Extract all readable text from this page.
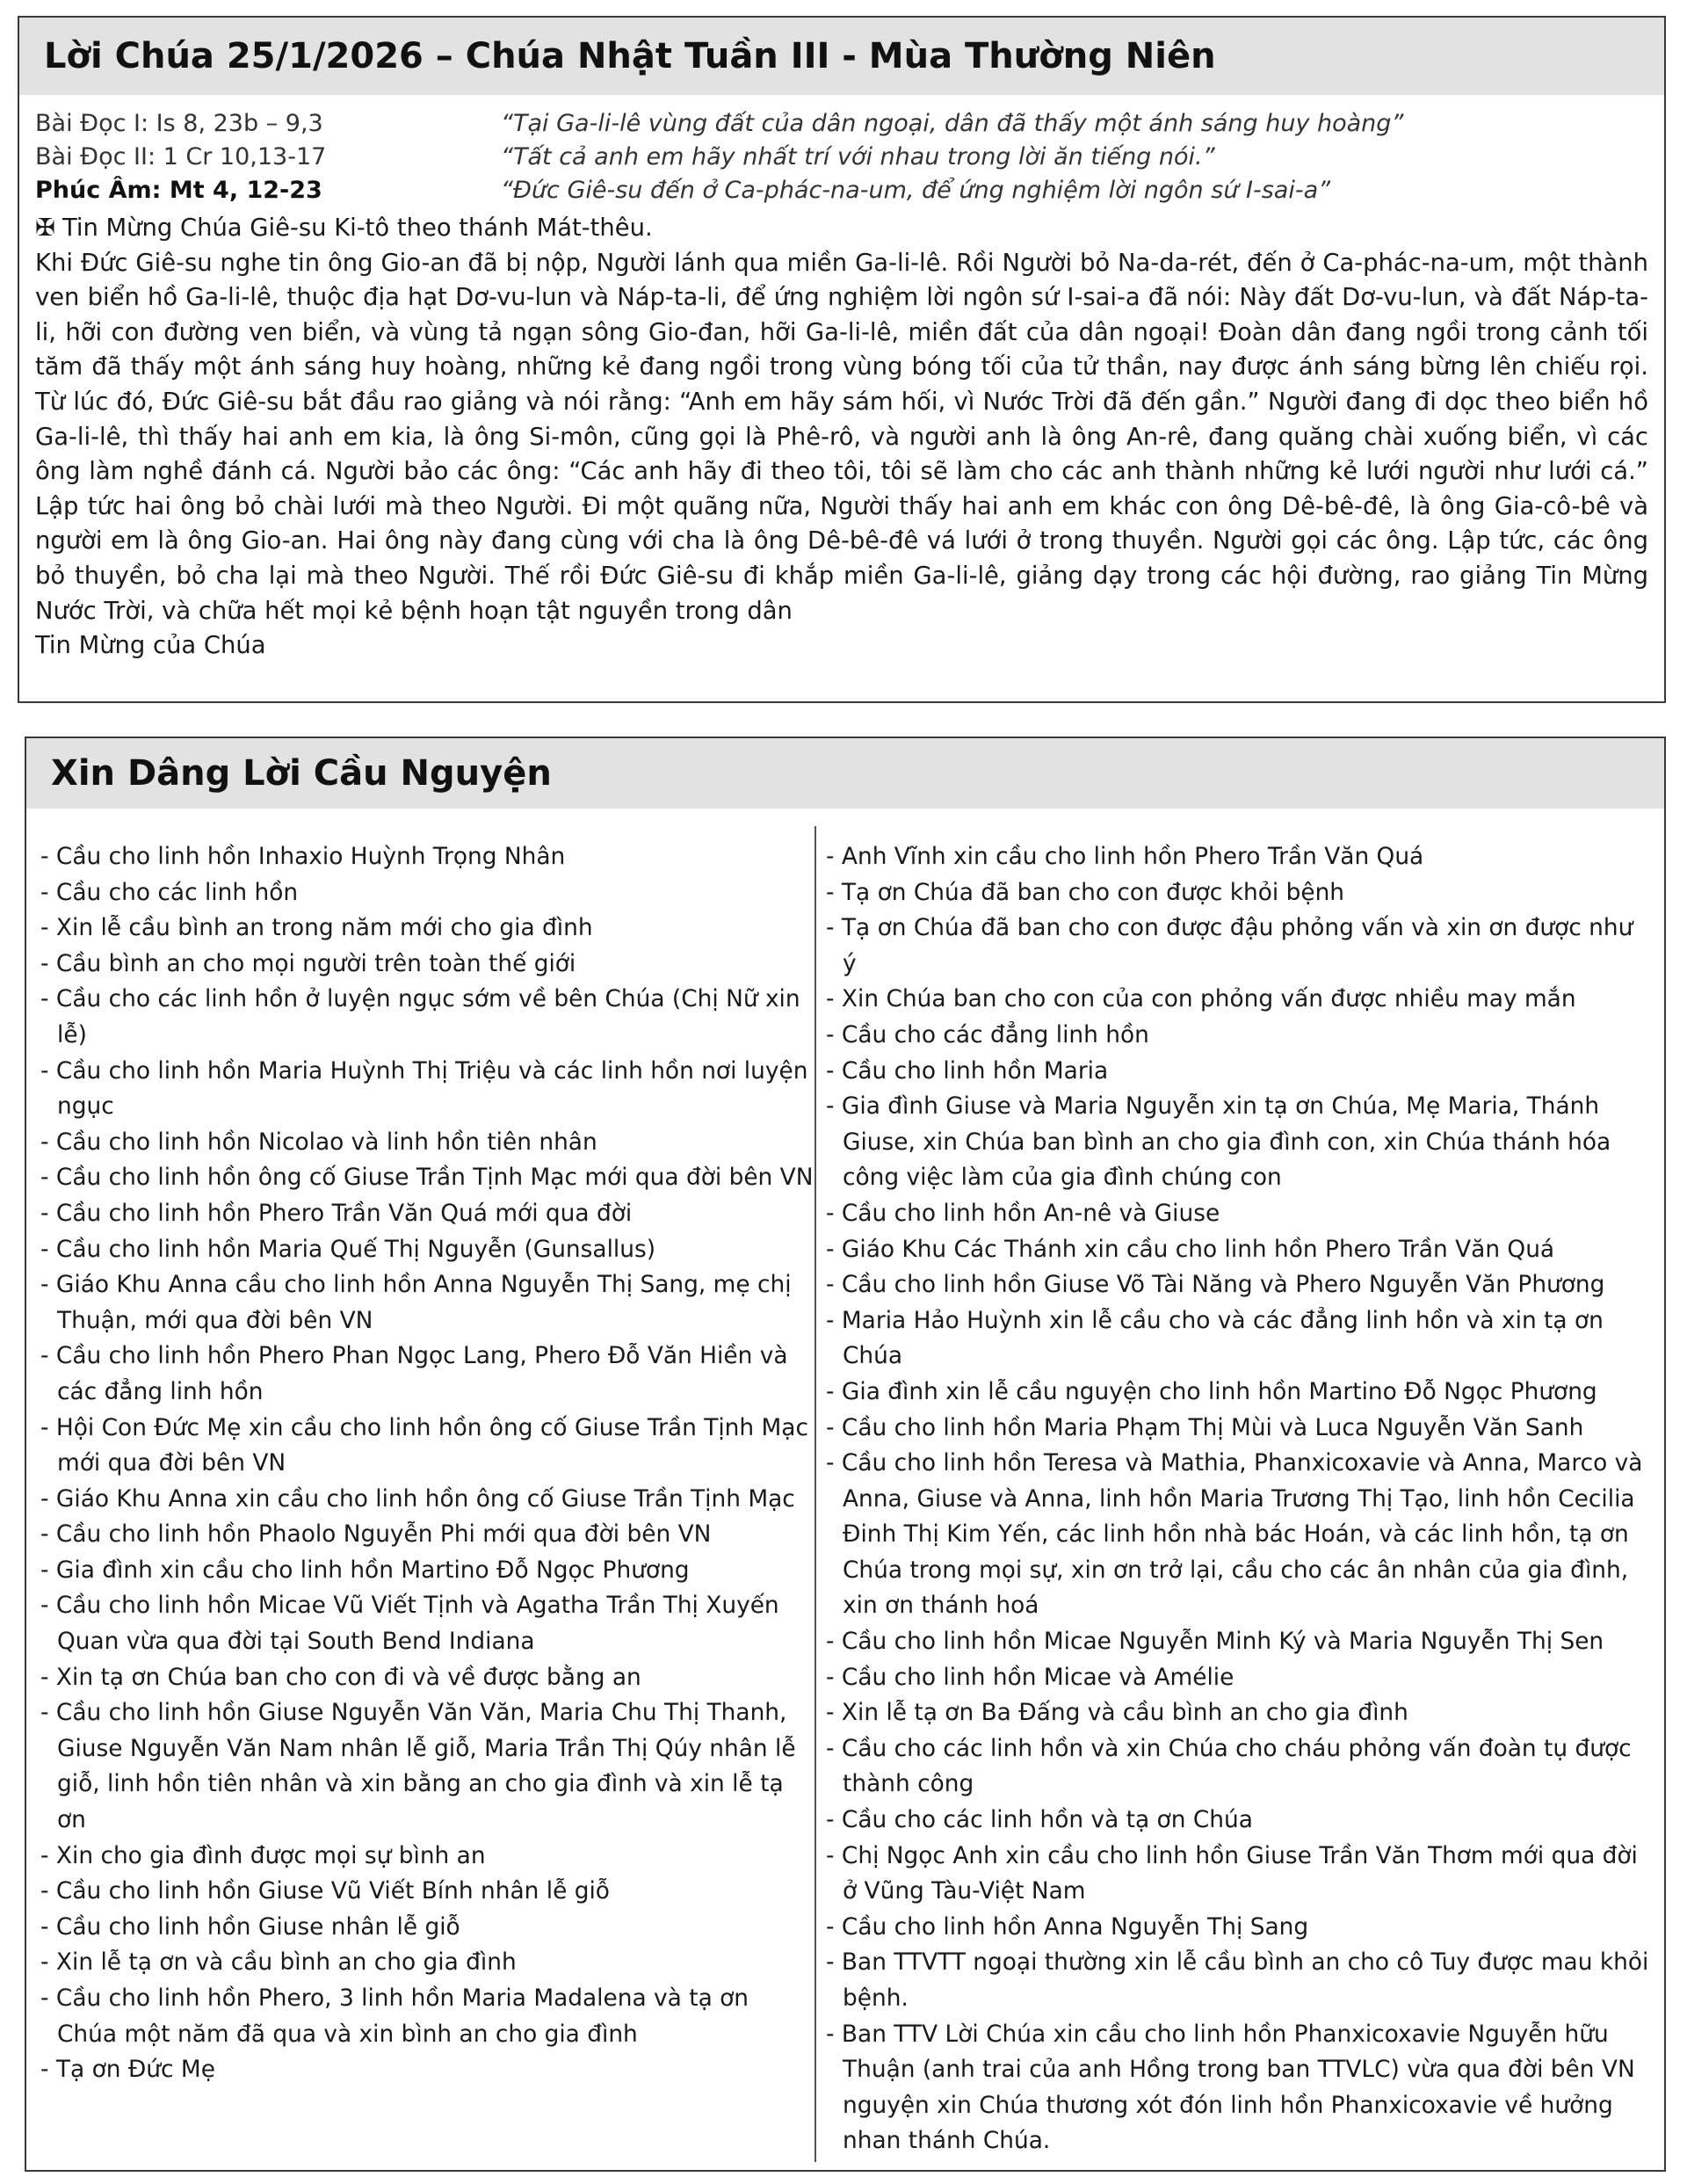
Lời Chúa 25/1/2026 – Chúa Nhật Tuần III - Mùa Thường Niên
Bài Đọc I: Is 8, 23b – 9,3	“Tại Ga-li-lê vùng đất của dân ngoại, dân đã thấy một ánh sáng huy hoàng”
Bài Đọc II: 1 Cr 10,13-17	“Tất cả anh em hãy nhất trí với nhau trong lời ăn tiếng nói.”
Phúc Âm: Mt 4, 12-23	“Đức Giê-su đến ở Ca-phác-na-um, để ứng nghiệm lời ngôn sứ I-sai-a”

✠ Tin Mừng Chúa Giê-su Ki-tô theo thánh Mát-thêu.

Khi Đức Giê-su nghe tin ông Gio-an đã bị nộp, Người lánh qua miền Ga-li-lê. Rồi Người bỏ Na-da-rét, đến ở Ca-phác-na-um, một thành ven biển hồ Ga-li-lê, thuộc địa hạt Dơ-vu-lun và Náp-ta-li, để ứng nghiệm lời ngôn sứ I-sai-a đã nói: Này đất Dơ-vu-lun, và đất Náp-ta-li, hỡi con đường ven biển, và vùng tả ngạn sông Gio-đan, hỡi Ga-li-lê, miền đất của dân ngoại! Đoàn dân đang ngồi trong cảnh tối tăm đã thấy một ánh sáng huy hoàng, những kẻ đang ngồi trong vùng bóng tối của tử thần, nay được ánh sáng bừng lên chiếu rọi. Từ lúc đó, Đức Giê-su bắt đầu rao giảng và nói rằng: “Anh em hãy sám hối, vì Nước Trời đã đến gần.” Người đang đi dọc theo biển hồ Ga-li-lê, thì thấy hai anh em kia, là ông Si-môn, cũng gọi là Phê-rô, và người anh là ông An-rê, đang quăng chài xuống biển, vì các ông làm nghề đánh cá. Người bảo các ông: “Các anh hãy đi theo tôi, tôi sẽ làm cho các anh thành những kẻ lưới người như lưới cá.” Lập tức hai ông bỏ chài lưới mà theo Người. Đi một quãng nữa, Người thấy hai anh em khác con ông Dê-bê-đê, là ông Gia-cô-bê và người em là ông Gio-an. Hai ông này đang cùng với cha là ông Dê-bê-đê vá lưới ở trong thuyền. Người gọi các ông. Lập tức, các ông bỏ thuyền, bỏ cha lại mà theo Người. Thế rồi Đức Giê-su đi khắp miền Ga-li-lê, giảng dạy trong các hội đường, rao giảng Tin Mừng Nước Trời, và chữa hết mọi kẻ bệnh hoạn tật nguyền trong dân

Tin Mừng của Chúa

Xin Dâng Lời Cầu Nguyện
- Cầu cho linh hồn Inhaxio Huỳnh Trọng Nhân
- Cầu cho các linh hồn
- Xin lễ cầu bình an trong năm mới cho gia đình
- Cầu bình an cho mọi người trên toàn thế giới
- Cầu cho các linh hồn ở luyện ngục sớm về bên Chúa (Chị Nữ xin lễ)
- Cầu cho linh hồn Maria Huỳnh Thị Triệu và các linh hồn nơi luyện ngục
- Cầu cho linh hồn Nicolao và linh hồn tiên nhân
- Cầu cho linh hồn ông cố Giuse Trần Tịnh Mạc mới qua đời bên VN
- Cầu cho linh hồn Phero Trần Văn Quá mới qua đời
- Cầu cho linh hồn Maria Quế Thị Nguyễn (Gunsallus)
- Giáo Khu Anna cầu cho linh hồn Anna Nguyễn Thị Sang, mẹ chị Thuận, mới qua đời bên VN
- Cầu cho linh hồn Phero Phan Ngọc Lang, Phero Đỗ Văn Hiền và các đẳng linh hồn
- Hội Con Đức Mẹ xin cầu cho linh hồn ông cố Giuse Trần Tịnh Mạc mới qua đời bên VN
- Giáo Khu Anna xin cầu cho linh hồn ông cố Giuse Trần Tịnh Mạc
- Cầu cho linh hồn Phaolo Nguyễn Phi mới qua đời bên VN
- Gia đình xin cầu cho linh hồn Martino Đỗ Ngọc Phương
- Cầu cho linh hồn Micae Vũ Viết Tịnh và Agatha Trần Thị Xuyến Quan vừa qua đời tại South Bend Indiana
- Xin tạ ơn Chúa ban cho con đi và về được bằng an
- Cầu cho linh hồn Giuse Nguyễn Văn Văn, Maria Chu Thị Thanh, Giuse Nguyễn Văn Nam nhân lễ giỗ, Maria Trần Thị Qúy nhân lễ giỗ, linh hồn tiên nhân và xin bằng an cho gia đình và xin lễ tạ ơn
- Xin cho gia đình được mọi sự bình an
- Cầu cho linh hồn Giuse Vũ Viết Bính nhân lễ giỗ
- Cầu cho linh hồn Giuse nhân lễ giỗ
- Xin lễ tạ ơn và cầu bình an cho gia đình
- Cầu cho linh hồn Phero, 3 linh hồn Maria Madalena và tạ ơn Chúa một năm đã qua và xin bình an cho gia đình
- Tạ ơn Đức Mẹ
- Anh Vĩnh xin cầu cho linh hồn Phero Trần Văn Quá
- Tạ ơn Chúa đã ban cho con được khỏi bệnh
- Tạ ơn Chúa đã ban cho con được đậu phỏng vấn và xin ơn được như ý
- Xin Chúa ban cho con của con phỏng vấn được nhiều may mắn
- Cầu cho các đẳng linh hồn
- Cầu cho linh hồn Maria
- Gia đình Giuse và Maria Nguyễn xin tạ ơn Chúa, Mẹ Maria, Thánh Giuse, xin Chúa ban bình an cho gia đình con, xin Chúa thánh hóa công việc làm của gia đình chúng con
- Cầu cho linh hồn An-nê và Giuse
- Giáo Khu Các Thánh xin cầu cho linh hồn Phero Trần Văn Quá
- Cầu cho linh hồn Giuse Võ Tài Năng và Phero Nguyễn Văn Phương
- Maria Hảo Huỳnh xin lễ cầu cho và các đẳng linh hồn và xin tạ ơn Chúa
- Gia đình xin lễ cầu nguyện cho linh hồn Martino Đỗ Ngọc Phương
- Cầu cho linh hồn Maria Phạm Thị Mùi và Luca Nguyễn Văn Sanh
- Cầu cho linh hồn Teresa và Mathia, Phanxicoxavie và Anna, Marco và Anna, Giuse và Anna, linh hồn Maria Trương Thị Tạo, linh hồn Cecilia Đinh Thị Kim Yến, các linh hồn nhà bác Hoán, và các linh hồn, tạ ơn Chúa trong mọi sự, xin ơn trở lại, cầu cho các ân nhân của gia đình, xin ơn thánh hoá
- Cầu cho linh hồn Micae Nguyễn Minh Ký và Maria Nguyễn Thị Sen
- Cầu cho linh hồn Micae và Amélie
- Xin lễ tạ ơn Ba Đấng và cầu bình an cho gia đình
- Cầu cho các linh hồn và xin Chúa cho cháu phỏng vấn đoàn tụ được thành công
- Cầu cho các linh hồn và tạ ơn Chúa
- Chị Ngọc Anh xin cầu cho linh hồn Giuse Trần Văn Thơm mới qua đời ở Vũng Tàu-Việt Nam
- Cầu cho linh hồn Anna Nguyễn Thị Sang
- Ban TTVTT ngoại thường xin lễ cầu bình an cho cô Tuy được mau khỏi bệnh.
- Ban TTV Lời Chúa xin cầu cho linh hồn Phanxicoxavie Nguyễn hữu Thuận (anh trai của anh Hồng trong ban TTVLC) vừa qua đời bên VN nguyện xin Chúa thương xót đón linh hồn Phanxicoxavie về hưởng nhan thánh Chúa.
